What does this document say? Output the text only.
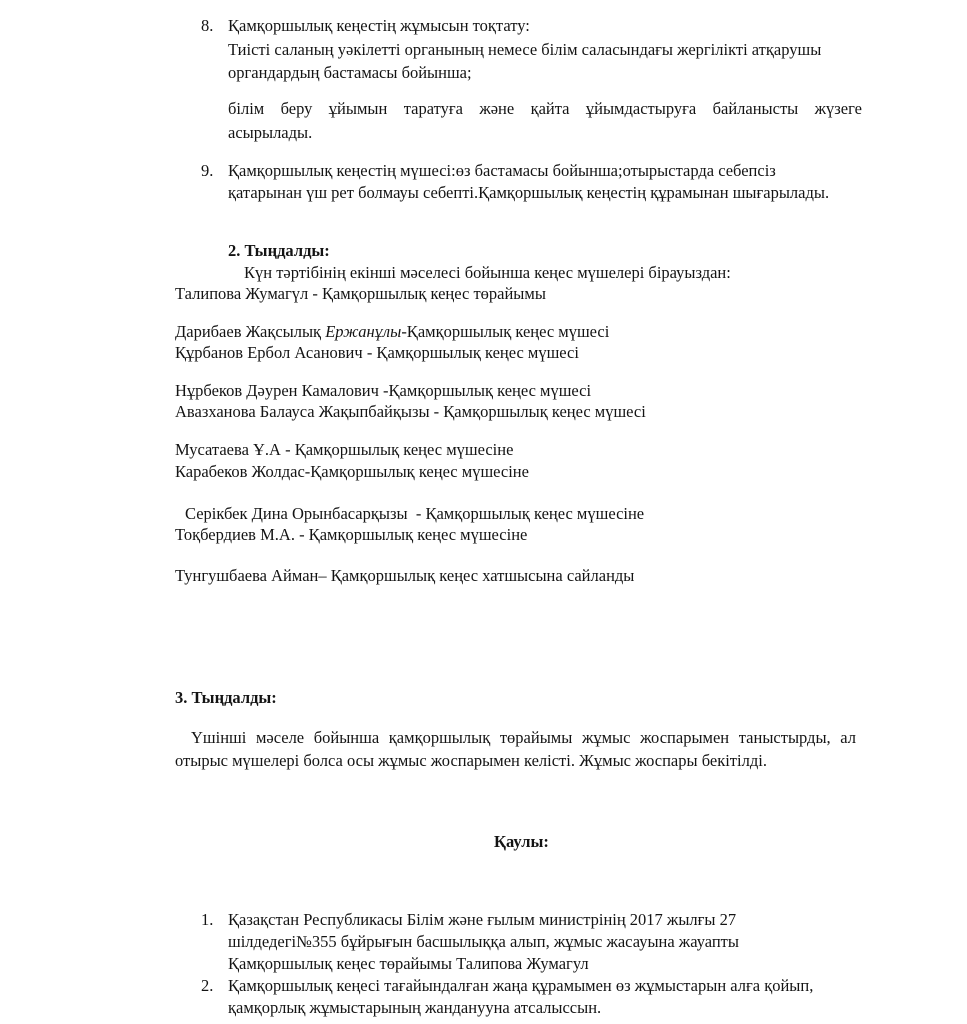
8. Қамқоршылық кеңестің жұмысын тоқтату:
Тиісті саланың уәкілетті органының немесе білім саласындағы жергілікті атқарушы
органдардың бастамасы бойынша;
білім беру ұйымын таратуға және қайта ұйымдастыруға байланысты жүзеге
асырылады.
9. Қамқоршылық кеңестің мүшесі:өз бастамасы бойынша;отырыстарда себепсіз
қатарынан үш рет болмауы себепті.Қамқоршылық кеңестің құрамынан шығарылады.
2. Тыңдалды:
Күн тәртібінің екінші мәселесі бойынша кеңес мүшелері бірауыздан:
Талипова Жумагүл - Қамқоршылық кеңес төрайымы
Дарибаев Жақсылық Ержанұлы-Қамқоршылық кеңес мүшесі
Құрбанов Ербол Асанович - Қамқоршылық кеңес мүшесі
Нұрбеков Дәурен Камалович -Қамқоршылық кеңес мүшесі
Авазханова Балауса Жақыпбайқызы - Қамқоршылық кеңес мүшесі
Мусатаева Ұ.А - Қамқоршылық кеңес мүшесіне
Карабеков Жолдас-Қамқоршылық кеңес мүшесіне
Серікбек Дина Орынбасарқызы  - Қамқоршылық кеңес мүшесіне
Тоқбердиев М.А. - Қамқоршылық кеңес мүшесіне
Тунгушбаева Айман– Қамқоршылық кеңес хатшысына сайланды
3. Тыңдалды:
Үшінші мәселе бойынша қамқоршылық төрайымы жұмыс жоспарымен таныстырды, ал
отырыс мүшелері болса осы жұмыс жоспарымен келісті. Жұмыс жоспары бекітілді.
Қаулы:
1. Қазақстан Республикасы Білім және ғылым министрінің 2017 жылғы 27
шілдедегі№355 бұйрығын басшылыққа алып, жұмыс жасауына жауапты
Қамқоршылық кеңес төрайымы Талипова Жумагул
2. Қамқоршылық кеңесі тағайындалған жаңа құрамымен өз жұмыстарын алға қойып,
қамқорлық жұмыстарының жанданууна атсалыссын.
